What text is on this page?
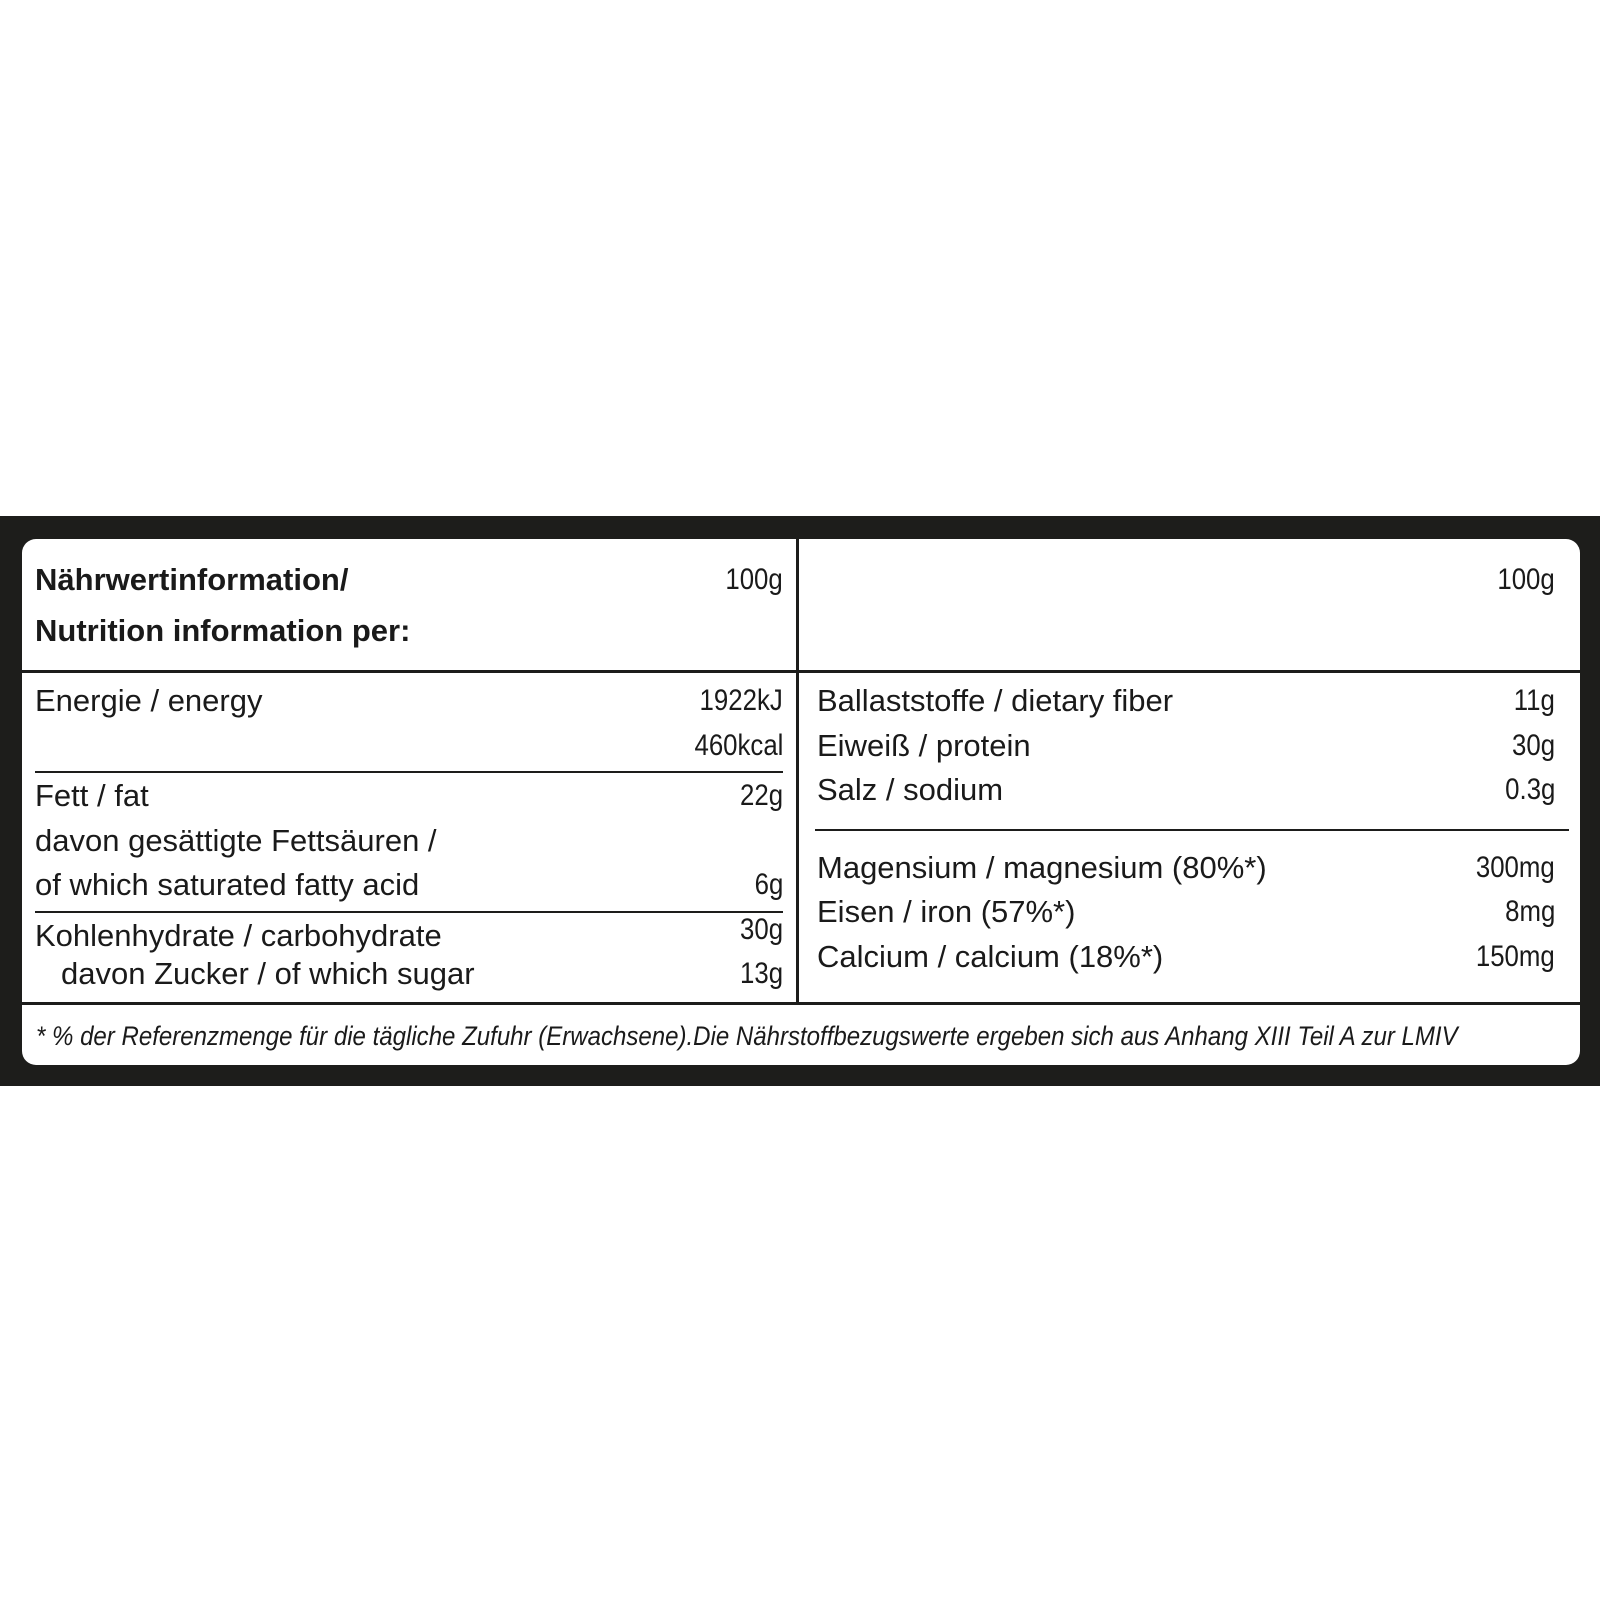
Nährwertinformation/
Nutrition information per:
100g	100g
Energie / energy	1922kJ
460kcal
Fett / fat	22g
davon gesättigte Fettsäuren /
of which saturated fatty acid	6g
Kohlenhydrate / carbohydrate	30g
davon Zucker / of which sugar	13g
Ballaststoffe / dietary fiber	11g
Eiweiß / protein	30g
Salz / sodium	0.3g
Magensium / magnesium (80%*)	300mg
Eisen / iron (57%*)	8mg
Calcium / calcium (18%*)	150mg
* % der Referenzmenge für die tägliche Zufuhr (Erwachsene).Die Nährstoffbezugswerte ergeben sich aus Anhang XIII Teil A zur LMIV
